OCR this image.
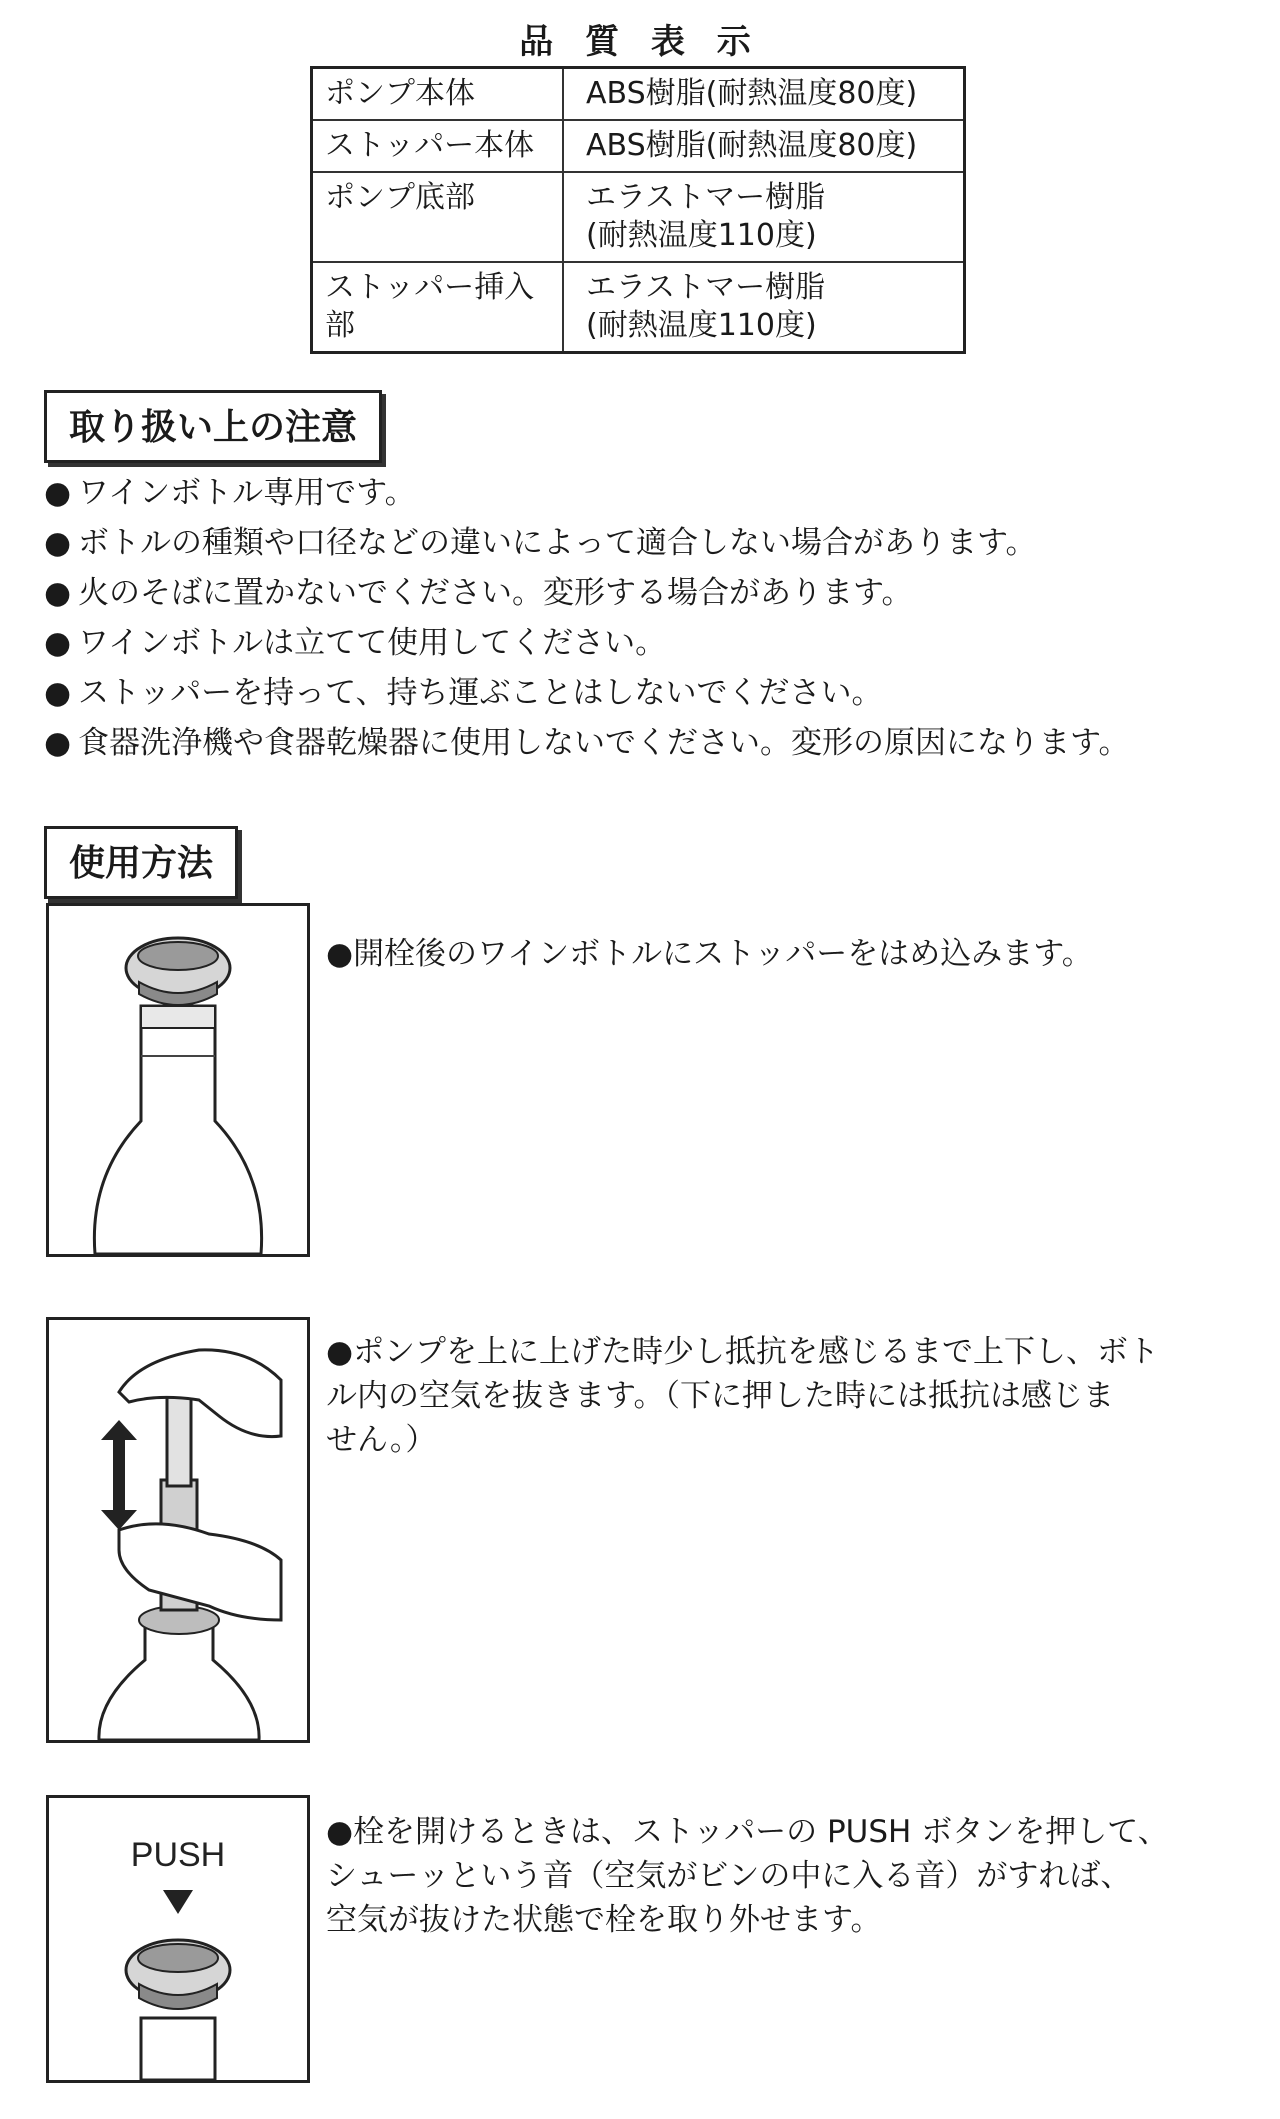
品 質 表 示
ポンプ本体	ABS樹脂(耐熱温度80度)
ストッパー本体	ABS樹脂(耐熱温度80度)
ポンプ底部	エラストマー樹脂
(耐熱温度110度)
ストッパー挿入部	エラストマー樹脂
(耐熱温度110度)
取り扱い上の注意
● ワインボトル専用です。
● ボトルの種類や口径などの違いによって適合しない場合があります。
● 火のそばに置かないでください。変形する場合があります。
● ワインボトルは立てて使用してください。
● ストッパーを持って、持ち運ぶことはしないでください。
● 食器洗浄機や食器乾燥器に使用しないでください。変形の原因になります。
使用方法
●開栓後のワインボトルにストッパーをはめ込みます。
●ポンプを上に上げた時少し抵抗を感じるまで上下し、ボト
ル内の空気を抜きます。（下に押した時には抵抗は感じま
せん。）
PUSH
●栓を開けるときは、ストッパーの PUSH ボタンを押して、
シューッという音（空気がビンの中に入る音）がすれば、
空気が抜けた状態で栓を取り外せます。
